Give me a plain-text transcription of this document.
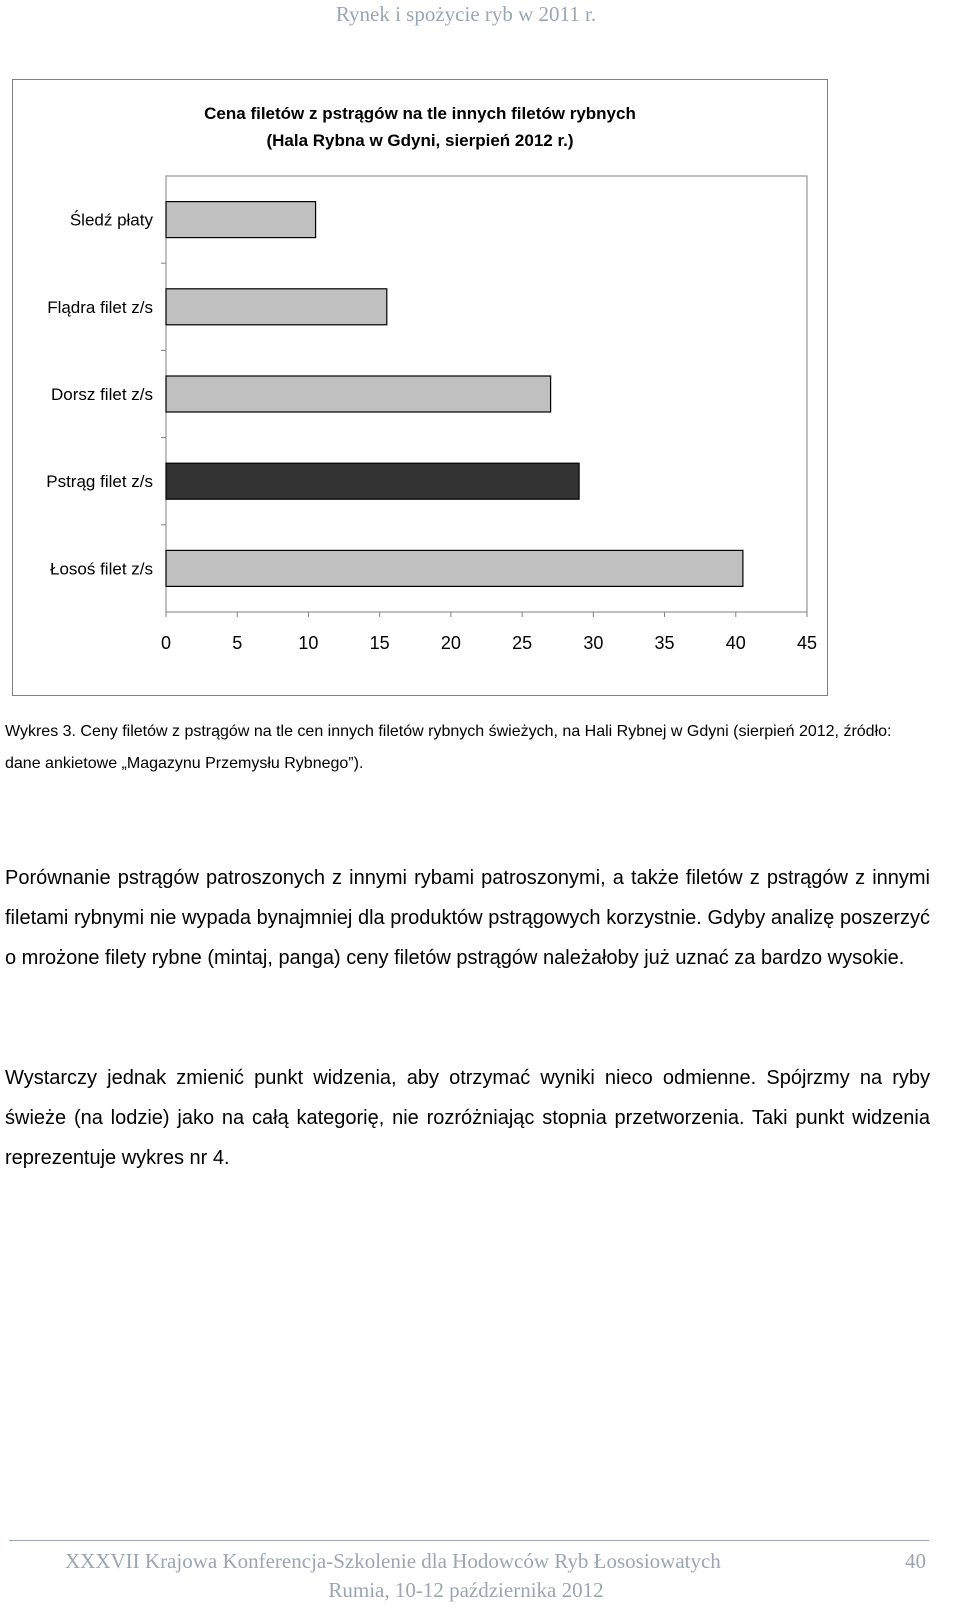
Rynek i spożycie ryb w 2011 r.
Cena filetów z pstrągów na tle innych filetów rybnych
(Hala Rybna w Gdyni, sierpień 2012 r.)
Śledź płaty
Flądra filet z/s
Dorsz filet z/s
Pstrąg filet z/s
Łosoś filet z/s
0	5	10	15	20	25	30	35	40	45
Wykres 3. Ceny filetów z pstrągów na tle cen innych filetów rybnych świeżych, na Hali Rybnej w Gdyni (sierpień 2012, źródło: dane ankietowe „Magazynu Przemysłu Rybnego”).
Porównanie pstrągów patroszonych z innymi rybami patroszonymi, a także filetów z pstrągów z innymi filetami rybnymi nie wypada bynajmniej dla produktów pstrągowych korzystnie. Gdyby analizę poszerzyć o mrożone filety rybne (mintaj, panga) ceny filetów pstrągów należałoby już uznać za bardzo wysokie.
Wystarczy jednak zmienić punkt widzenia, aby otrzymać wyniki nieco odmienne. Spójrzmy na ryby świeże (na lodzie) jako na całą kategorię, nie rozróżniając stopnia przetworzenia. Taki punkt widzenia reprezentuje wykres nr 4.
XXXVII Krajowa Konferencja-Szkolenie dla Hodowców Ryb Łososiowatych	40
Rumia, 10-12 października 2012
